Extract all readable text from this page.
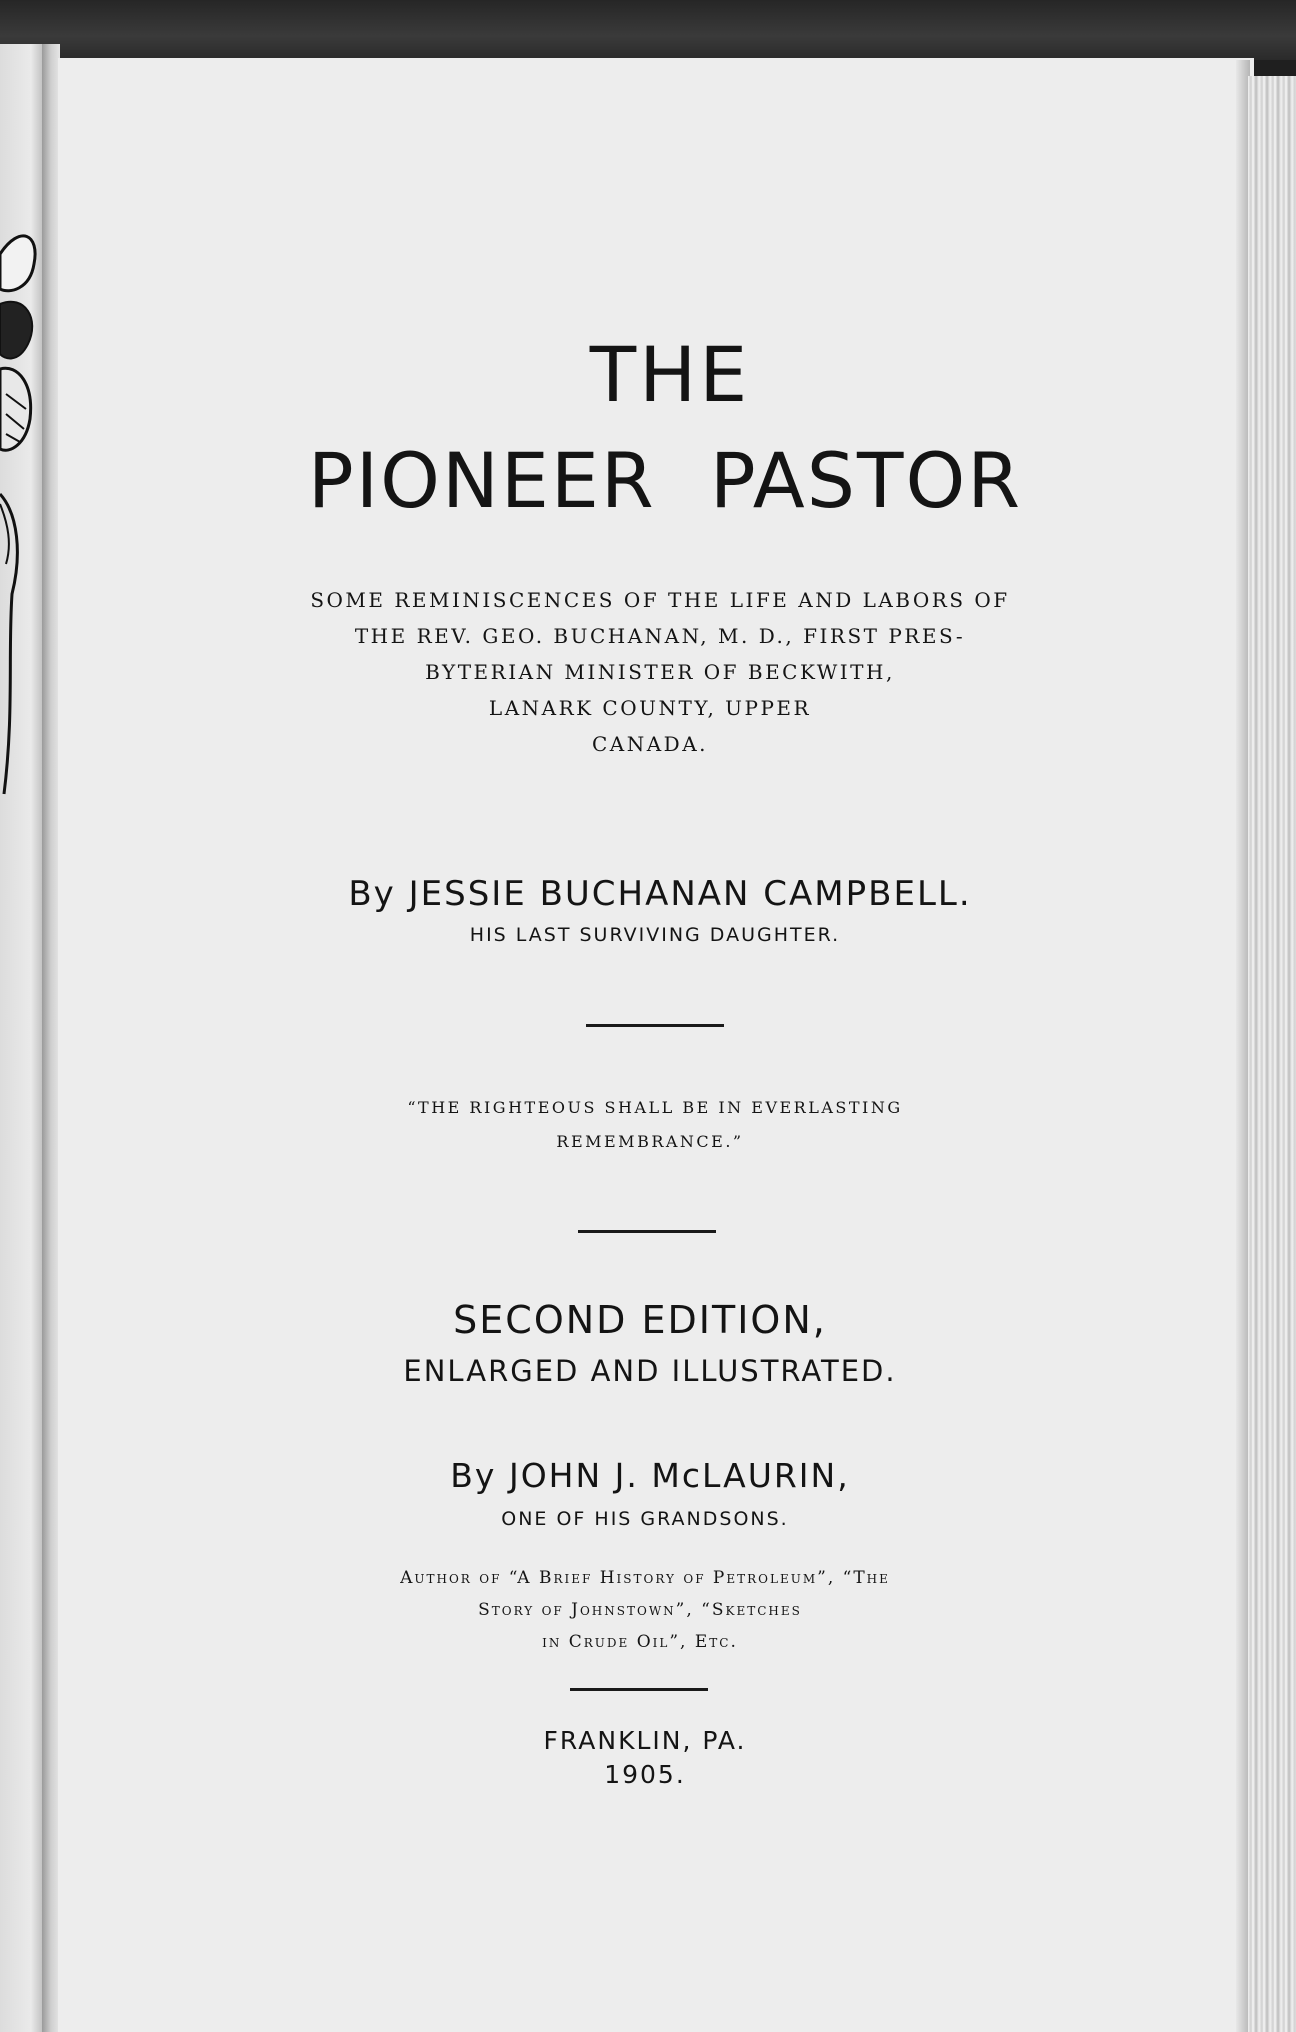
THE
PIONEER PASTOR
SOME REMINISCENCES OF THE LIFE AND LABORS OF
THE REV. GEO. BUCHANAN, M. D., FIRST PRES-
BYTERIAN MINISTER OF BECKWITH,
LANARK COUNTY, UPPER
CANADA.
By JESSIE BUCHANAN CAMPBELL.
HIS LAST SURVIVING DAUGHTER.
“THE RIGHTEOUS SHALL BE IN EVERLASTING
REMEMBRANCE.”
SECOND EDITION,
ENLARGED AND ILLUSTRATED.
By JOHN J. McLAURIN,
ONE OF HIS GRANDSONS.
Author of “A Brief History of Petroleum”, “The
Story of Johnstown”, “Sketches
in Crude Oil”, Etc.
FRANKLIN, PA.
1905.
